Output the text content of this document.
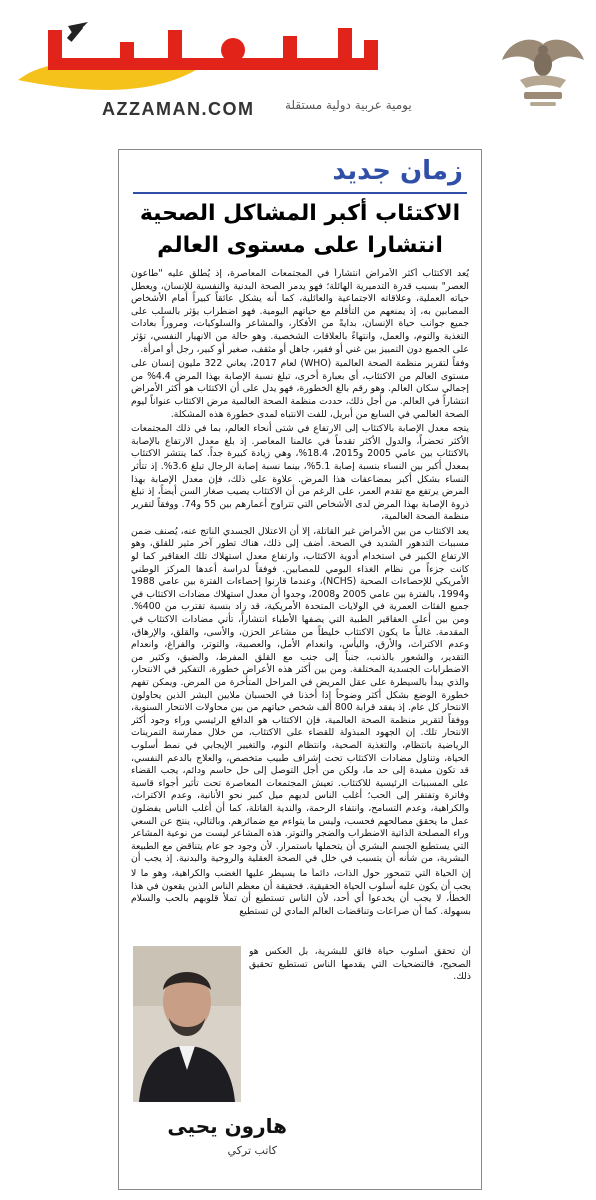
AZZAMAN.COM	يومية عربية دولية مستقلة
زمان جديد
الاكتئاب أكبر المشاكل الصحية
انتشارا على مستوى العالم

يُعد الاكتئاب أكثر الأمراض انتشاراً في المجتمعات المعاصرة، إذ يُطلق عليه "طاعون العصر" بسبب قدرة التدميرية الهائلة؛ فهو يدمر الصحة البدنية والنفسية للإنسان، ويعطل حياته العملية، وعلاقاته الاجتماعية والعائلية، كما أنه يشكل عائقاً كبيراً أمام الأشخاص المصابين به، إذ يمنعهم من التأقلم مع حياتهم اليومية. فهو اضطراب يؤثر بالسلب على جميع جوانب حياة الإنسان، بدايةً من الأفكار، والمشاعر والسلوكيات، ومروراً بعادات التغذية والنوم، والعمل، وانتهاءً بالعلاقات الشخصية. وهو حالة من الانهيار النفسي، تؤثر على الجميع دون التمييز بين غني أو فقير، جاهل أو مثقف، صغير أو كبير، رجل أو امرأة.

وفقاً لتقرير منظمة الصحة العالمية (WHO) لعام 2017، يعاني 322 مليون إنسان على مستوى العالم من الاكتئاب، أي بعبارة أخرى، تبلغ نسبة الإصابة بهذا المرض 4.4% من إجمالي سكان العالم. وهو رقم بالغ الخطورة، فهو يدل على أن الاكتئاب هو أكثر الأمراض انتشاراً في العالم. من أجل ذلك، حددت منظمة الصحة العالمية مرض الاكتئاب عنواناً ليوم الصحة العالمي في السابع من أبريل، للفت الانتباه لمدى خطورة هذه المشكلة.

يتجه معدل الإصابة بالاكتئاب إلى الارتفاع في شتى أنحاء العالم، بما في ذلك المجتمعات الأكثر تحضراً، والدول الأكثر تقدماً في عالمنا المعاصر. إذ بلغ معدل الارتفاع بالإصابة بالاكتئاب بين عامي 2005 و2015، 18.4%، وهي زيادة كبيرة جداً. كما ينتشر الاكتئاب بمعدل أكبر بين النساء بنسبة إصابة 5.1%، بينما نسبة إصابة الرجال تبلغ 3.6%. إذ تتأثر النساء بشكل أكبر بمضاعفات هذا المرض. علاوة على ذلك، فإن معدل الإصابة بهذا المرض يرتفع مع تقدم العمر، على الرغم من أن الاكتئاب يصيب صغار السن أيضاً، إذ تبلغ ذروة الإصابة بهذا المرض لدى الأشخاص التي تتراوح أعمارهم بين 55 و74. ووفقاً لتقرير منظمة الصحة العالمية،

يعد الاكتئاب من بين الأمراض غير القاتلة، إلا أن الاعتلال الجسدي الناتج عنه، يُصنف ضمن مسببات التدهور الشديد في الصحة. أضف إلى ذلك، هناك تطور آخر مثير للقلق، وهو الارتفاع الكبير في استخدام أدوية الاكتئاب، وارتفاع معدل استهلاك تلك العقاقير كما لو كانت جزءاً من نظام الغذاء اليومي للمصابين. فوفقاً لدراسة أعدها المركز الوطني الأمريكي للإحصاءات الصحية (NCHS)، وعندما قارنوا إحصاءات الفترة بين عامي 1988 و1994، بالفترة بين عامي 2005 و2008، وجدوا أن معدل استهلاك مضادات الاكتئاب في جميع الفئات العمرية في الولايات المتحدة الأمريكية، قد زاد بنسبة تقترب من 400%. ومن بين أعلى العقاقير الطبية التي يصفها الأطباء انتشاراً، تأتي مضادات الاكتئاب في المقدمة. غالباً ما يكون الاكتئاب خليطاً من مشاعر الحزن، والأسى، والقلق، والإرهاق، وعدم الاكتراث، والأرق، واليأس، وانعدام الأمل، والعصبية، والتوتر، والفراغ، وانعدام التقدير، والشعور بالذنب، جنباً إلى جنب مع القلق المفرط، والضيق، وكثير من الاضطرابات الجسدية المختلفة. ومن بين أكثر هذه الأعراض خطورة، التفكير في الانتحار، والذي يبدأ بالسيطرة على عقل المريض في المراحل المتأخرة من المرض. ويمكن تفهم خطورة الوضع بشكل أكثر وضوحاً إذا أخذنا في الحسبان ملايين البشر الذين يحاولون الانتحار كل عام. إذ يفقد قرابة 800 ألف شخص حياتهم من بين محاولات الانتحار السنوية، ووفقاً لتقرير منظمة الصحة العالمية، فإن الاكتئاب هو الدافع الرئيسي وراء وجود أكثر الانتحار تلك. إن الجهود المبذولة للقضاء على الاكتئاب، من خلال ممارسة التمرينات الرياضية بانتظام، والتغذية الصحية، وانتظام النوم، والتغيير الإيجابي في نمط أسلوب الحياة، وتناول مضادات الاكتئاب تحت إشراف طبيب متخصص، والعلاج بالدعم النفسي، قد تكون مفيدة إلى حد ما، ولكن من أجل التوصل إلى حل حاسم ودائم، يجب القضاء على المسببات الرئيسية للاكتئاب. تعيش المجتمعات المعاصرة تحت تأثير أجواء قاسية وفاترة وتفتقر إلى الحب؛ أغلب الناس لديهم ميل كبير نحو الأنانية، وعدم الاكتراث، والكراهية، وعدم التسامح، وانتفاء الرحمة، والندية القاتلة، كما أن أغلب الناس يفضلون عمل ما يحقق مصالحهم فحسب، وليس ما يتواءم مع ضمائرهم. وبالتالي، ينتج عن السعي وراء المصلحة الذاتية الاضطراب والضجر والتوتر. هذه المشاعر ليست من نوعية المشاعر التي يستطيع الجسم البشري أن يتحملها باستمرار. لأن وجود جو عام يتناقض مع الطبيعة البشرية، من شأنه أن يتسبب في خلل في الصحة العقلية والروحية والبدنية. إذ يجب أن

إن الحياة التي تتمحور حول الذات، دائماً ما يسيطر عليها الغضب والكراهية، وهو ما لا يجب أن يكون عليه أسلوب الحياة الحقيقية. فحقيقة أن معظم الناس الذين يقعون في هذا الخطأ، لا يجب أن يخدعوا أي أحد، لأن الناس تستطيع أن تملأ قلوبهم بالحب والسلام بسهولة. كما أن صراعات وتناقضات العالم المادي لن تستطيع

أن تحقق أسلوب حياة فائق للبشرية، بل العكس هو الصحيح، فالتضحيات التي يقدمها الناس تستطيع تحقيق ذلك.
هارون يحيى
كاتب تركي
